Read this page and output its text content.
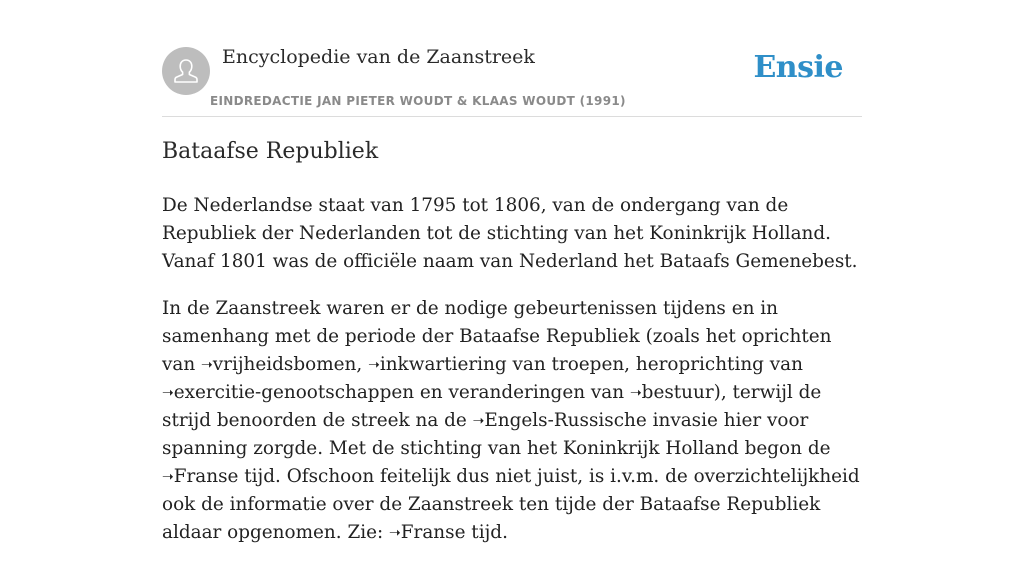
Encyclopedie van de Zaanstreek
EINDREDACTIE JAN PIETER WOUDT & KLAAS WOUDT (1991)
Ensie
Bataafse Republiek

De Nederlandse staat van 1795 tot 1806, van de ondergang van de Republiek der Nederlanden tot de stichting van het Koninkrijk Holland. Vanaf 1801 was de officiële naam van Nederland het Bataafs Gemenebest.

In de Zaanstreek waren er de nodige gebeurtenissen tijdens en in samenhang met de periode der Bataafse Republiek (zoals het oprichten van ➝vrijheidsbomen, ➝inkwartiering van troepen, heroprichting van ➝exercitie-genootschappen en veranderingen van ➝bestuur), terwijl de strijd benoorden de streek na de ➝Engels-Russische invasie hier voor spanning zorgde. Met de stichting van het Koninkrijk Holland begon de ➝Franse tijd. Ofschoon feitelijk dus niet juist, is i.v.m. de overzichtelijkheid ook de informatie over de Zaanstreek ten tijde der Bataafse Republiek aldaar opgenomen. Zie: ➝Franse tijd.
